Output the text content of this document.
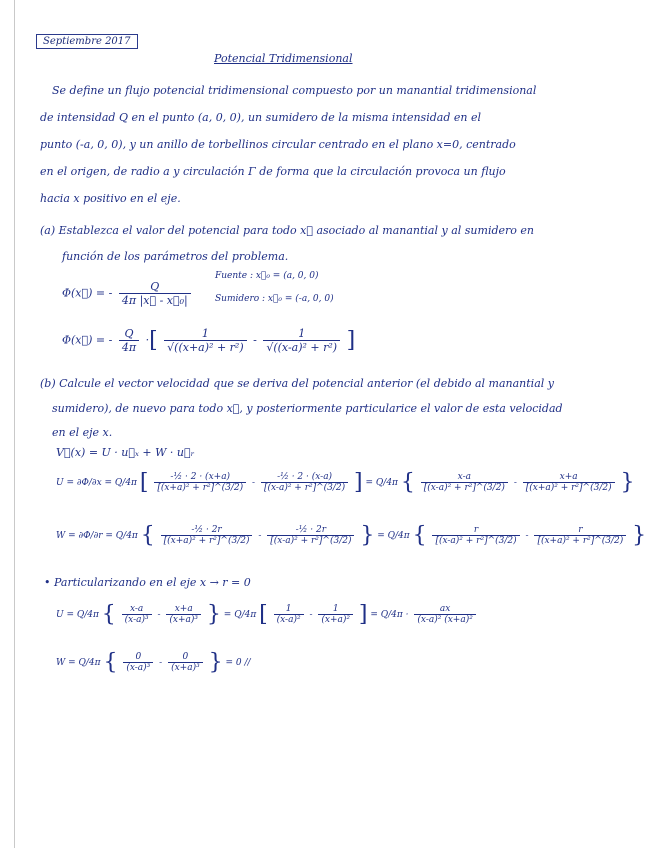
Septiembre 2017
Potencial Tridimensional
Se define un flujo potencial tridimensional compuesto por un manantial tridimensional
de intensidad Q en el punto (a, 0, 0), un sumidero de la misma intensidad en el
punto (-a, 0, 0), y un anillo de torbellinos circular centrado en el plano x=0, centrado
en el origen, de radio a y circulación Γ de forma que la circulación provoca un flujo
hacia x positivo en el eje.
(a) Establezca el valor del potencial para todo x⃗ asociado al manantial y al sumidero en
función de los parámetros del problema.
Φ(x⃗) = - $\frac{Q}{\text{4π |x⃗ - x⃗₀|}}$
Fuente : x⃗₀ = (a, 0, 0)
Sumidero : x⃗₀ = (-a, 0, 0)
Φ(x⃗) = - $\frac{Q}{4\pi}$ ·[ $\frac{1}{\text{√((x+a)² + r²)}} - \frac{1}{\text{√((x-a)² + r²)}}$ ]
(b) Calcule el vector velocidad que se deriva del potencial anterior (el debido al manantial y
sumidero), de nuevo para todo x⃗, y posteriormente particularice el valor de esta velocidad
en el eje x.
V⃗(x) = U · u⃗ₓ + W · u⃗ᵣ
U = ∂Φ/∂x = Q/4π [ $\frac{\text{-½ · 2 · (x+a)}}{\text{[(x+a)² + r²]\textasciicircum{}(3/2)}} - \frac{\text{-½ · 2 · (x-a)}}{\text{[(x-a)² + r²]\textasciicircum{}(3/2)}}$ ] = Q/4π { $\frac{x-a}{\text{[(x-a)² + r²]\textasciicircum{}(3/2)}} - \frac{x+a}{\text{[(x+a)² + r²]\textasciicircum{}(3/2)}}$ }
W = ∂Φ/∂r = Q/4π { $\frac{\text{-½ · 2r}}{\text{[(x+a)² + r²]\textasciicircum{}(3/2)}} - \frac{\text{-½ · 2r}}{\text{[(x-a)² + r²]\textasciicircum{}(3/2)}}$ } = Q/4π { $\frac{r}{\text{[(x-a)² + r²]\textasciicircum{}(3/2)}} - \frac{r}{\text{[(x+a)² + r²]\textasciicircum{}(3/2)}}$ }
• Particularizando en el eje x → r = 0
U = Q/4π { $\frac{x-a}{\text{(x-a)³}} - \frac{x+a}{\text{(x+a)³}}$ } = Q/4π [ $\frac{1}{\text{(x-a)²}} - \frac{1}{\text{(x+a)²}}$ ] = $Q/4\pi \cdot \frac{ax}{\text{(x-a)² (x+a)²}}$
W = Q/4π { $\frac{0}{\text{(x-a)³}} - \frac{0}{\text{(x+a)³}}$ } = 0 //
